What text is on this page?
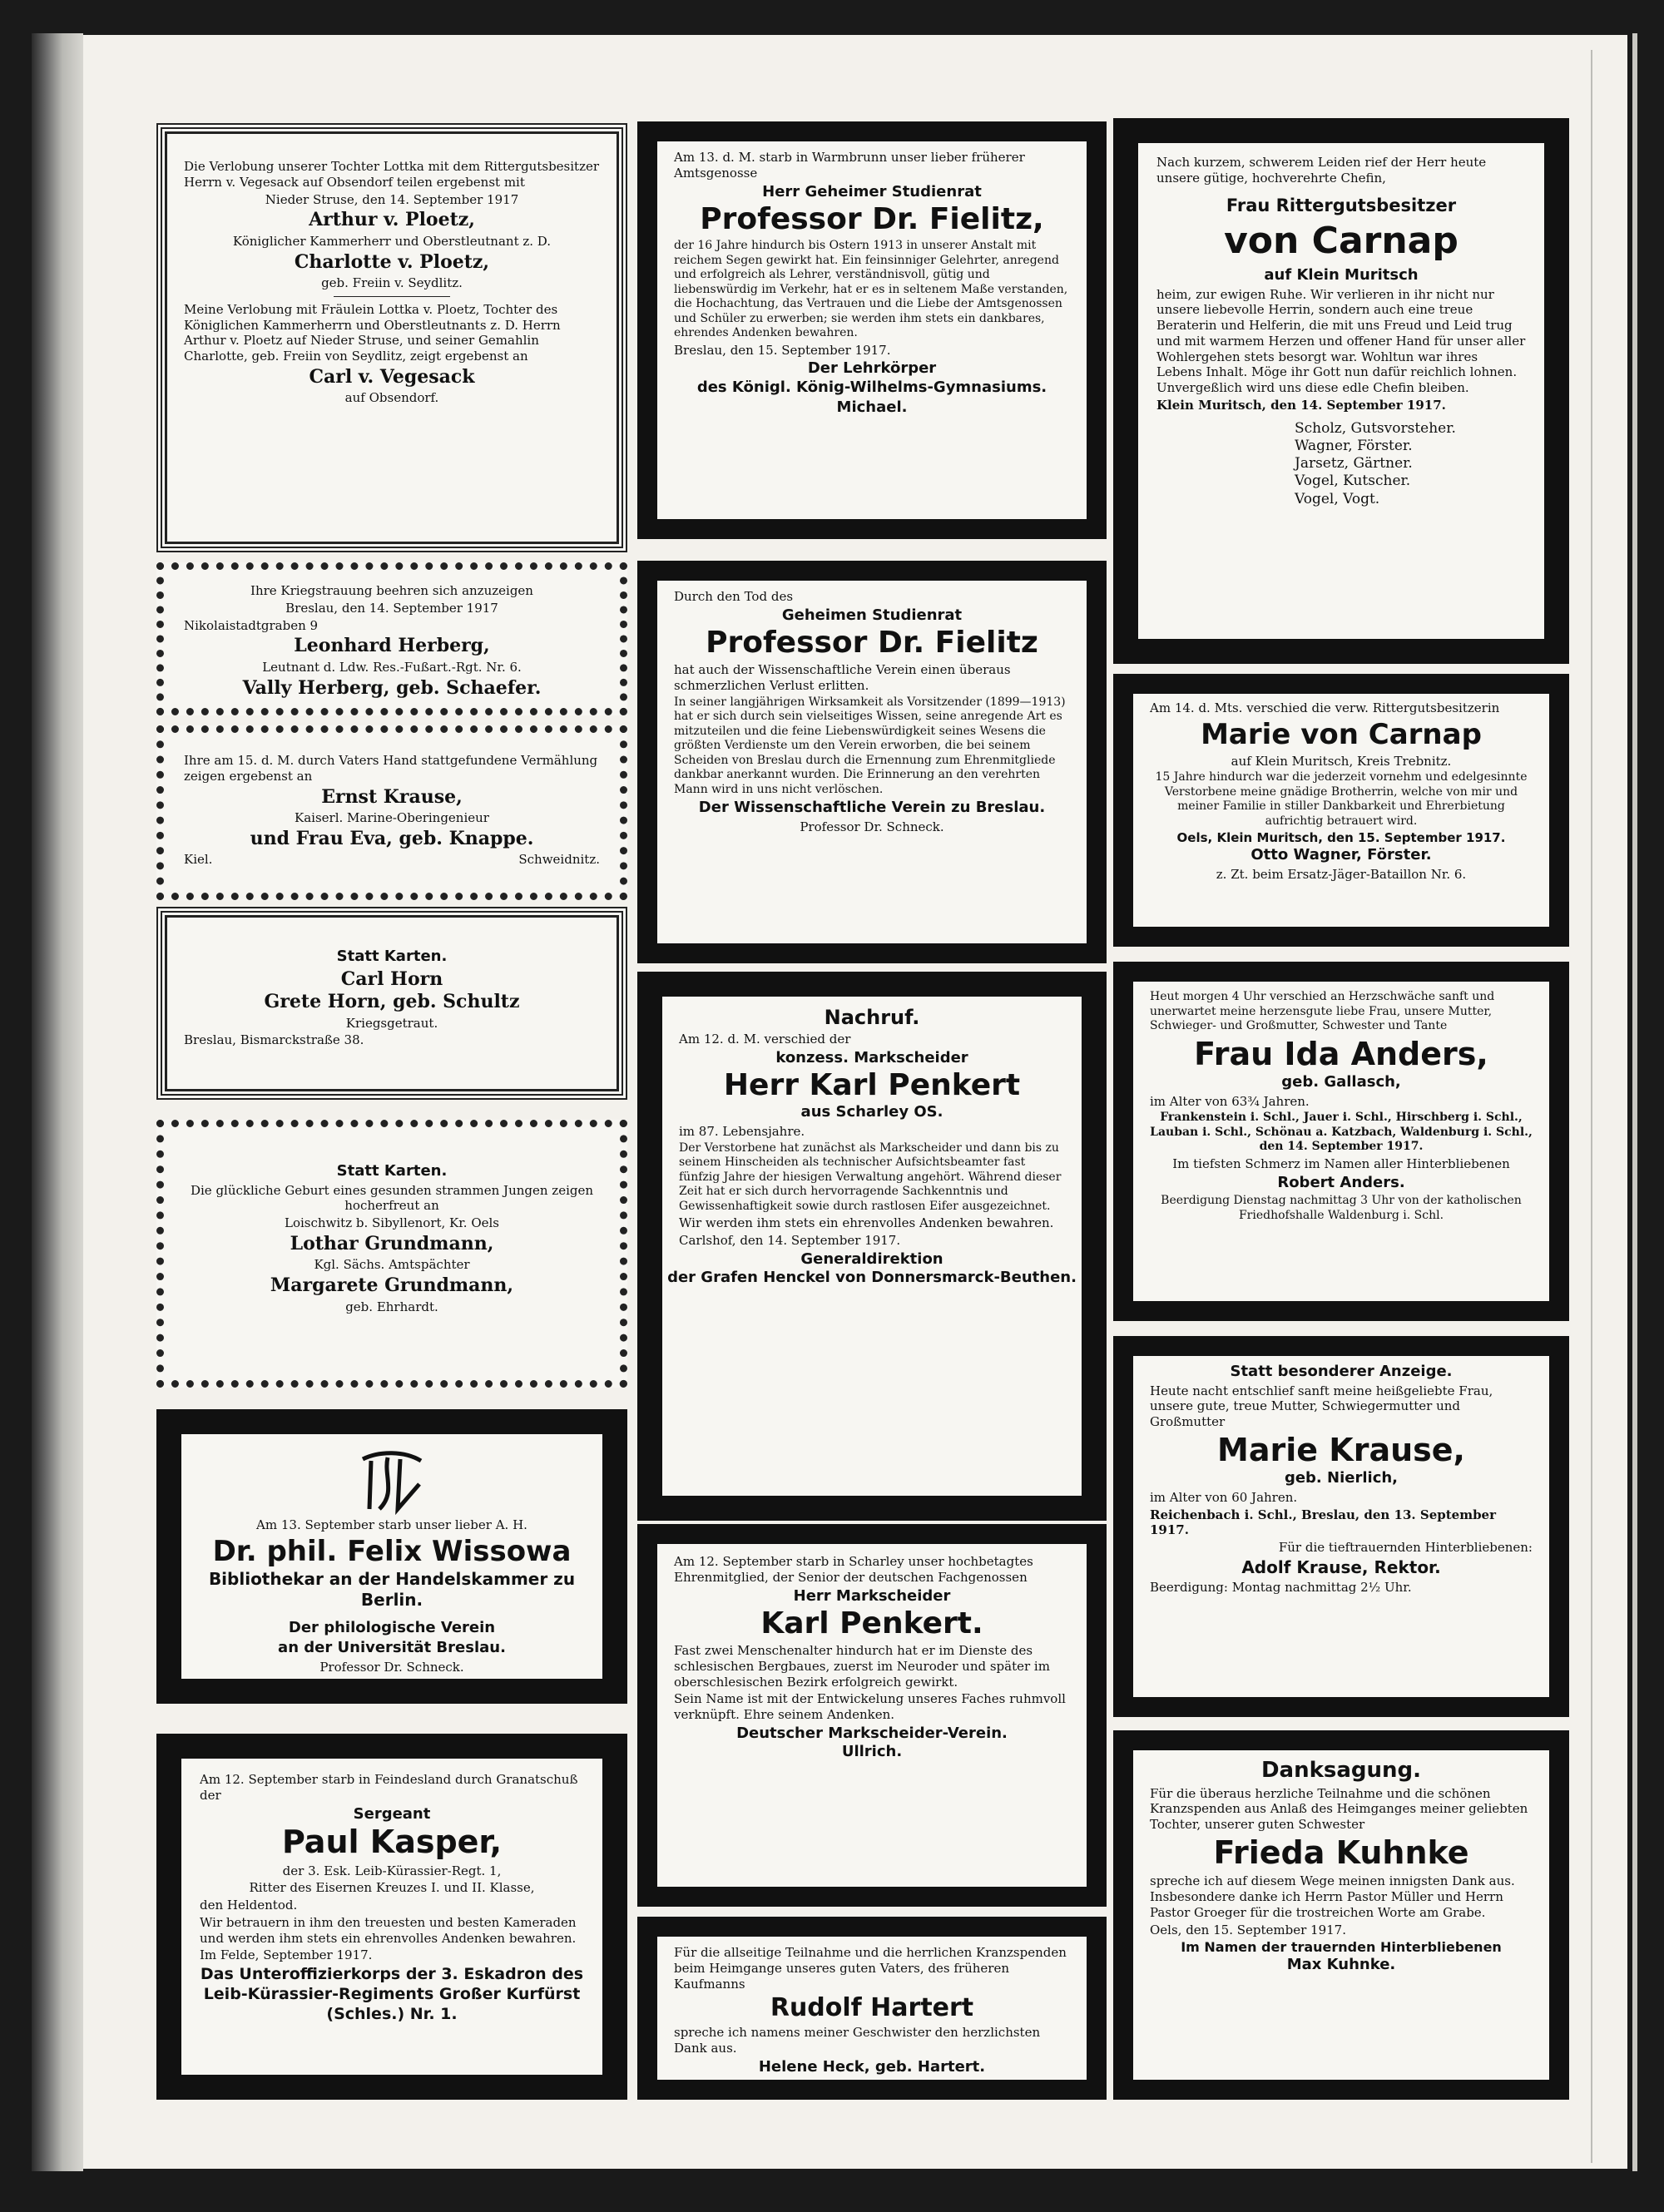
Die Verlobung unserer Tochter Lottka mit dem Rittergutsbesitzer Herrn v. Vegesack auf Obsendorf teilen ergebenst mit

Nieder Struse, den 14. September 1917

Arthur v. Ploetz,

Königlicher Kammerherr und Oberstleutnant z. D.

Charlotte v. Ploetz,

geb. Freiin v. Seydlitz.

Meine Verlobung mit Fräulein Lottka v. Ploetz, Tochter des Königlichen Kammerherrn und Oberstleutnants z. D. Herrn Arthur v. Ploetz auf Nieder Struse, und seiner Gemahlin Charlotte, geb. Freiin von Seydlitz, zeigt ergebenst an

Carl v. Vegesack

auf Obsendorf.

Ihre Kriegstrauung beehren sich anzuzeigen

Breslau, den 14. September 1917

Nikolaistadtgraben 9

Leonhard Herberg,

Leutnant d. Ldw. Res.-Fußart.-Rgt. Nr. 6.

Vally Herberg, geb. Schaefer.

Ihre am 15. d. M. durch Vaters Hand stattgefundene Vermählung zeigen ergebenst an

Ernst Krause,

Kaiserl. Marine-Oberingenieur

und Frau Eva, geb. Knappe.

Kiel.	Schweidnitz.

Statt Karten.

Carl Horn
Grete Horn, geb. Schultz

Kriegsgetraut.

Breslau, Bismarckstraße 38.

Statt Karten.

Die glückliche Geburt eines gesunden strammen Jungen zeigen hocherfreut an

Loischwitz b. Sibyllenort, Kr. Oels

Lothar Grundmann,

Kgl. Sächs. Amtspächter

Margarete Grundmann,

geb. Ehrhardt.

Am 13. September starb unser lieber A. H.

Dr. phil. Felix Wissowa
Bibliothekar an der Handelskammer zu Berlin.

Der philologische Verein

an der Universität Breslau.

Professor Dr. Schneck.

Am 12. September starb in Feindesland durch Granatschuß der

Sergeant
Paul Kasper,

der 3. Esk. Leib-Kürassier-Regt. 1,

Ritter des Eisernen Kreuzes I. und II. Klasse,

den Heldentod.

Wir betrauern in ihm den treuesten und besten Kameraden und werden ihm stets ein ehrenvolles Andenken bewahren.

Im Felde, September 1917.

Das Unteroffizierkorps der 3. Eskadron des Leib-Kürassier-Regiments Großer Kurfürst (Schles.) Nr. 1.

Am 13. d. M. starb in Warmbrunn unser lieber früherer Amtsgenosse

Herr Geheimer Studienrat
Professor Dr. Fielitz,

der 16 Jahre hindurch bis Ostern 1913 in unserer Anstalt mit reichem Segen gewirkt hat. Ein feinsinniger Gelehrter, anregend und erfolgreich als Lehrer, verständnisvoll, gütig und liebenswürdig im Verkehr, hat er es in seltenem Maße verstanden, die Hochachtung, das Vertrauen und die Liebe der Amtsgenossen und Schüler zu erwerben; sie werden ihm stets ein dankbares, ehrendes Andenken bewahren.

Breslau, den 15. September 1917.

Der Lehrkörper
des Königl. König-Wilhelms-Gymnasiums.

Michael.

Durch den Tod des

Geheimen Studienrat
Professor Dr. Fielitz

hat auch der Wissenschaftliche Verein einen überaus schmerzlichen Verlust erlitten.

In seiner langjährigen Wirksamkeit als Vorsitzender (1899—1913) hat er sich durch sein vielseitiges Wissen, seine anregende Art es mitzuteilen und die feine Liebenswürdigkeit seines Wesens die größten Verdienste um den Verein erworben, die bei seinem Scheiden von Breslau durch die Ernennung zum Ehrenmitgliede dankbar anerkannt wurden. Die Erinnerung an den verehrten Mann wird in uns nicht verlöschen.

Der Wissenschaftliche Verein zu Breslau.

Professor Dr. Schneck.

Nachruf.

Am 12. d. M. verschied der

konzess. Markscheider
Herr Karl Penkert
aus Scharley OS.

im 87. Lebensjahre.

Der Verstorbene hat zunächst als Markscheider und dann bis zu seinem Hinscheiden als technischer Aufsichtsbeamter fast fünfzig Jahre der hiesigen Verwaltung angehört. Während dieser Zeit hat er sich durch hervorragende Sachkenntnis und Gewissenhaftigkeit sowie durch rastlosen Eifer ausgezeichnet.

Wir werden ihm stets ein ehrenvolles Andenken bewahren.

Carlshof, den 14. September 1917.

Generaldirektion
der Grafen Henckel von Donnersmarck-Beuthen.

Am 12. September starb in Scharley unser hochbetagtes Ehrenmitglied, der Senior der deutschen Fachgenossen

Herr Markscheider
Karl Penkert.

Fast zwei Menschenalter hindurch hat er im Dienste des schlesischen Bergbaues, zuerst im Neuroder und später im oberschlesischen Bezirk erfolgreich gewirkt.

Sein Name ist mit der Entwickelung unseres Faches ruhmvoll verknüpft. Ehre seinem Andenken.

Deutscher Markscheider-Verein.
Ullrich.

Für die allseitige Teilnahme und die herrlichen Kranzspenden beim Heimgange unseres guten Vaters, des früheren Kaufmanns

Rudolf Hartert

spreche ich namens meiner Geschwister den herzlichsten Dank aus.

Helene Heck, geb. Hartert.

Nach kurzem, schwerem Leiden rief der Herr heute unsere gütige, hochverehrte Chefin,

Frau Rittergutsbesitzer
von Carnap
auf Klein Muritsch

heim, zur ewigen Ruhe. Wir verlieren in ihr nicht nur unsere liebevolle Herrin, sondern auch eine treue Beraterin und Helferin, die mit uns Freud und Leid trug und mit warmem Herzen und offener Hand für unser aller Wohlergehen stets besorgt war. Wohltun war ihres Lebens Inhalt. Möge ihr Gott nun dafür reichlich lohnen. Unvergeßlich wird uns diese edle Chefin bleiben.

Klein Muritsch, den 14. September 1917.

Scholz, Gutsvorsteher.
Wagner, Förster.
Jarsetz, Gärtner.
Vogel, Kutscher.
Vogel, Vogt.

Am 14. d. Mts. verschied die verw. Rittergutsbesitzerin

Marie von Carnap

auf Klein Muritsch, Kreis Trebnitz.

15 Jahre hindurch war die jederzeit vornehm und edelgesinnte Verstorbene meine gnädige Brotherrin, welche von mir und meiner Familie in stiller Dankbarkeit und Ehrerbietung aufrichtig betrauert wird.

Oels, Klein Muritsch, den 15. September 1917.
Otto Wagner, Förster.

z. Zt. beim Ersatz-Jäger-Bataillon Nr. 6.

Heut morgen 4 Uhr verschied an Herzschwäche sanft und unerwartet meine herzensgute liebe Frau, unsere Mutter, Schwieger- und Großmutter, Schwester und Tante

Frau Ida Anders,
geb. Gallasch,

im Alter von 63¾ Jahren.

Frankenstein i. Schl., Jauer i. Schl., Hirschberg i. Schl., Lauban i. Schl., Schönau a. Katzbach, Waldenburg i. Schl., den 14. September 1917.

Im tiefsten Schmerz im Namen aller Hinterbliebenen

Robert Anders.

Beerdigung Dienstag nachmittag 3 Uhr von der katholischen Friedhofshalle Waldenburg i. Schl.

Statt besonderer Anzeige.

Heute nacht entschlief sanft meine heißgeliebte Frau, unsere gute, treue Mutter, Schwiegermutter und Großmutter

Marie Krause,
geb. Nierlich,

im Alter von 60 Jahren.

Reichenbach i. Schl., Breslau, den 13. September 1917.

Für die tieftrauernden Hinterbliebenen:

Adolf Krause, Rektor.

Beerdigung: Montag nachmittag 2½ Uhr.

Danksagung.

Für die überaus herzliche Teilnahme und die schönen Kranzspenden aus Anlaß des Heimganges meiner geliebten Tochter, unserer guten Schwester

Frieda Kuhnke

spreche ich auf diesem Wege meinen innigsten Dank aus. Insbesondere danke ich Herrn Pastor Müller und Herrn Pastor Groeger für die trostreichen Worte am Grabe.

Oels, den 15. September 1917.

Im Namen der trauernden Hinterbliebenen
Max Kuhnke.
